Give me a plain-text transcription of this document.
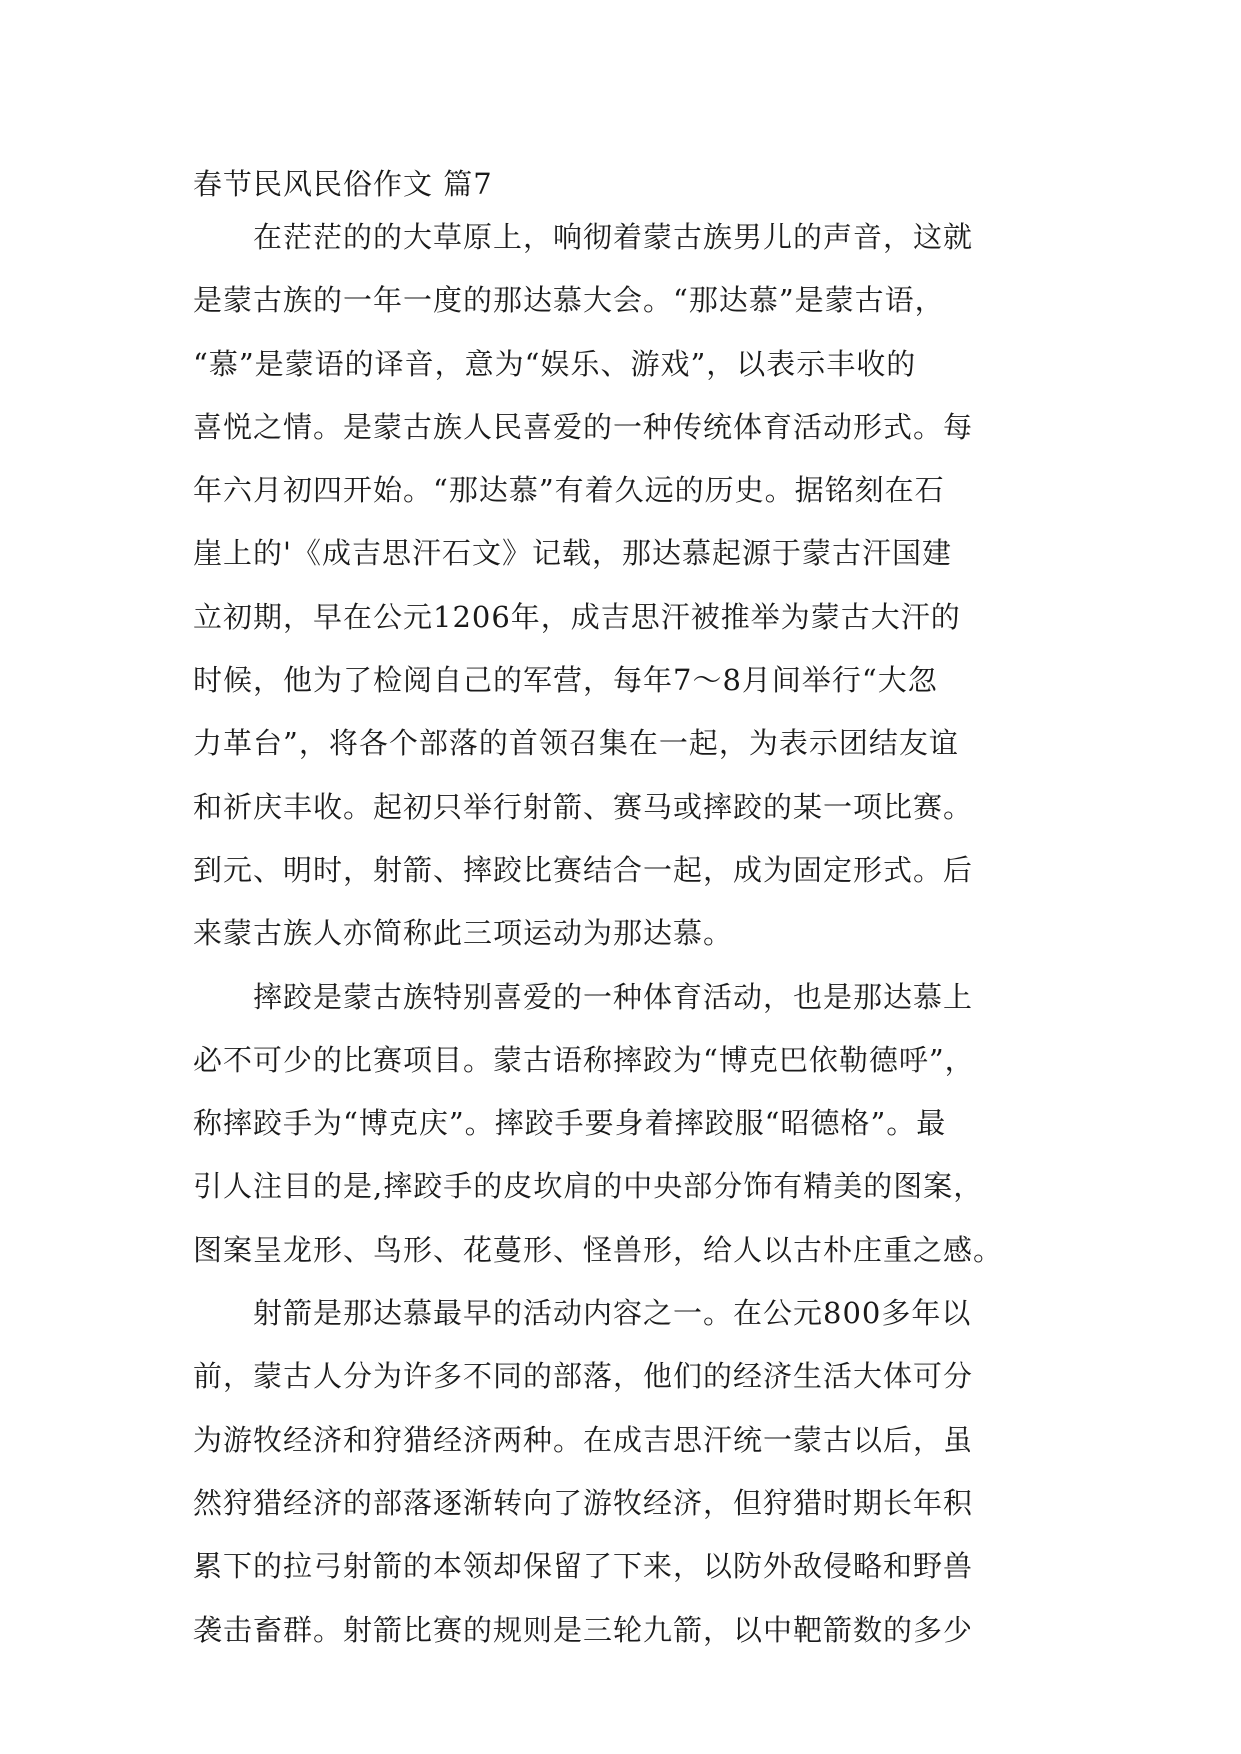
春节民风民俗作文 篇7
　　在茫茫的的大草原上，响彻着蒙古族男儿的声音，这就
是蒙古族的一年一度的那达慕大会。“那达慕”是蒙古语，
“慕”是蒙语的译音，意为“娱乐、游戏”，以表示丰收的
喜悦之情。是蒙古族人民喜爱的一种传统体育活动形式。每
年六月初四开始。“那达慕”有着久远的历史。据铭刻在石
崖上的'《成吉思汗石文》记载，那达慕起源于蒙古汗国建
立初期，早在公元1206年，成吉思汗被推举为蒙古大汗的
时候，他为了检阅自己的军营，每年7～8月间举行“大忽
力革台”，将各个部落的首领召集在一起，为表示团结友谊
和祈庆丰收。起初只举行射箭、赛马或摔跤的某一项比赛。
到元、明时，射箭、摔跤比赛结合一起，成为固定形式。后
来蒙古族人亦简称此三项运动为那达慕。
　　摔跤是蒙古族特别喜爱的一种体育活动，也是那达慕上
必不可少的比赛项目。蒙古语称摔跤为“博克巴依勒德呼”，
称摔跤手为“博克庆”。摔跤手要身着摔跤服“昭德格”。最
引人注目的是,摔跤手的皮坎肩的中央部分饰有精美的图案，
图案呈龙形、鸟形、花蔓形、怪兽形，给人以古朴庄重之感。
　　射箭是那达慕最早的活动内容之一。在公元800多年以
前，蒙古人分为许多不同的部落，他们的经济生活大体可分
为游牧经济和狩猎经济两种。在成吉思汗统一蒙古以后，虽
然狩猎经济的部落逐渐转向了游牧经济，但狩猎时期长年积
累下的拉弓射箭的本领却保留了下来，以防外敌侵略和野兽
袭击畜群。射箭比赛的规则是三轮九箭，以中靶箭数的多少
